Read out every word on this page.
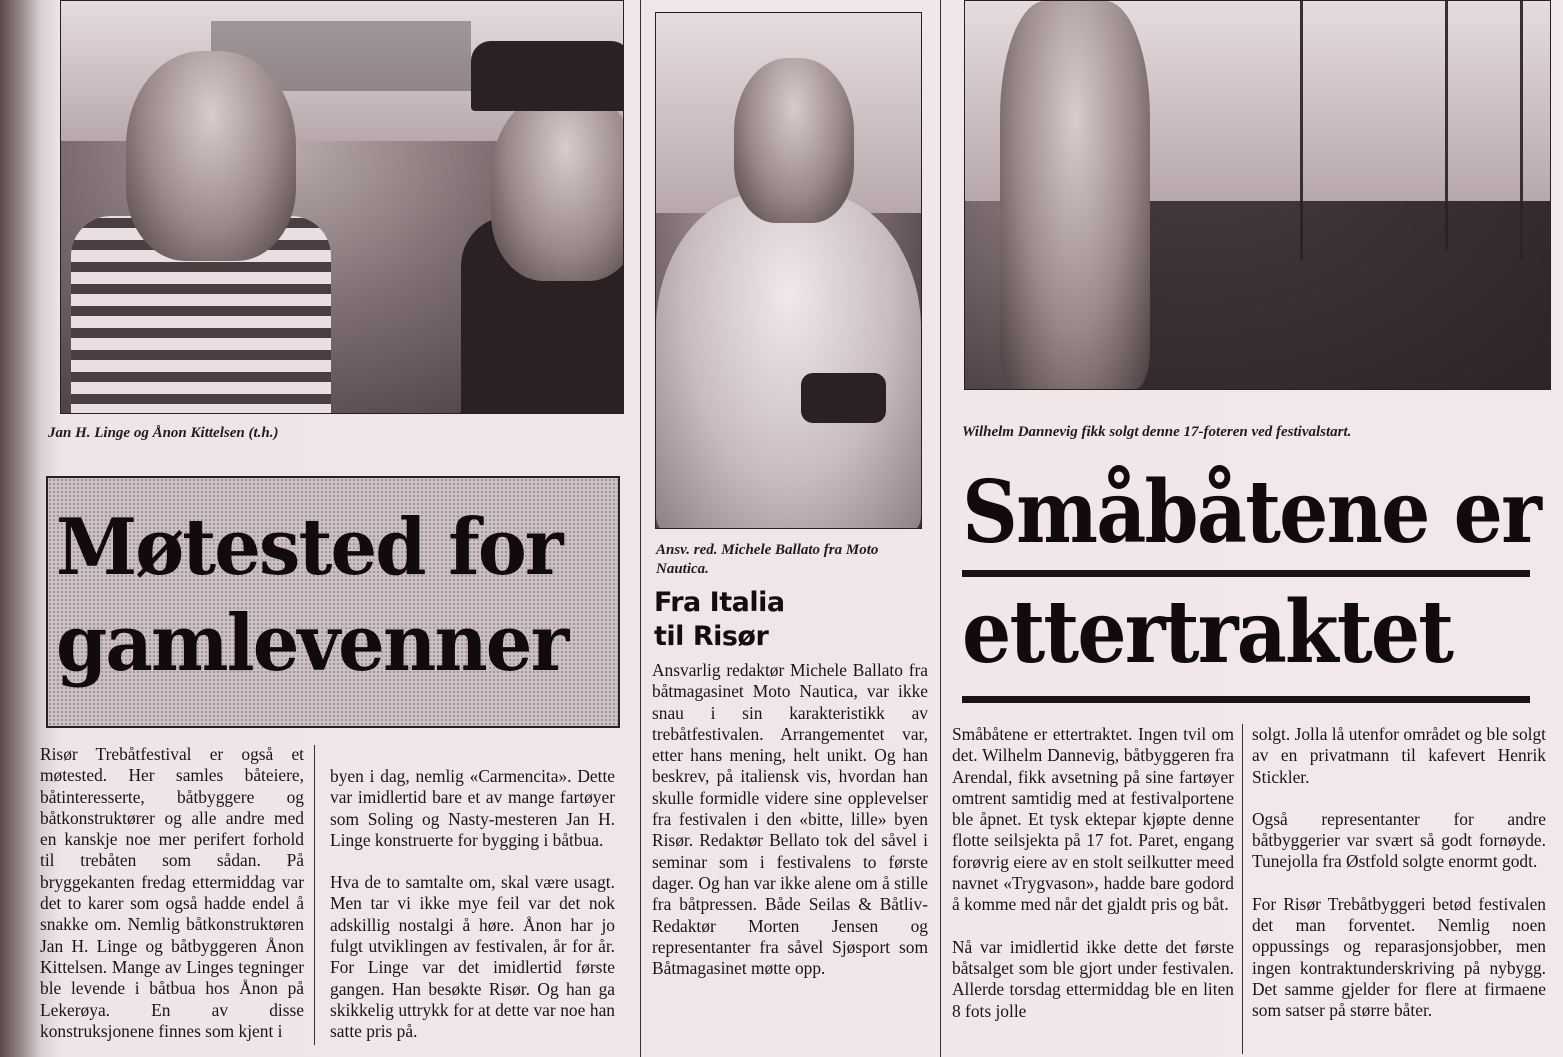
Jan H. Linge og Ånon Kittelsen (t.h.)
Ansv. red. Michele Ballato fra Moto Nautica.
Wilhelm Dannevig fikk solgt denne 17-foteren ved festivalstart.
Møtested for
gamlevenner

Risør Trebåtfestival er også et møtested. Her samles båteiere, båtinteresserte, båtbyggere og båtkonstruktører og alle andre med en kanskje noe mer perifert forhold til trebåten som sådan. På bryggekanten fredag ettermiddag var det to karer som også hadde endel å snakke om. Nemlig båtkonstruktøren Jan H. Linge og båtbyggeren Ånon Kittelsen. Mange av Linges tegninger ble levende i båtbua hos Ånon på Lekerøya. En av disse konstruksjonene finnes som kjent i

byen i dag, nemlig «Carmencita». Dette var imidlertid bare et av mange fartøyer som Soling og Nasty-mesteren Jan H. Linge konstruerte for bygging i båtbua.

Hva de to samtalte om, skal være usagt. Men tar vi ikke mye feil var det nok adskillig nostalgi å høre. Ånon har jo fulgt utviklingen av festivalen, år for år. For Linge var det imidlertid første gangen. Han besøkte Risør. Og han ga skikkelig uttrykk for at dette var noe han satte pris på.

Fra Italia
til Risør

Ansvarlig redaktør Michele Ballato fra båtmagasinet Moto Nautica, var ikke snau i sin karakteristikk av trebåtfestivalen. Arrangementet var, etter hans mening, helt unikt. Og han beskrev, på italiensk vis, hvordan han skulle formidle videre sine opplevelser fra festivalen i den «bitte, lille» byen Risør. Redaktør Bellato tok del såvel i seminar som i festivalens to første dager. Og han var ikke alene om å stille fra båtpressen. Både Seilas & Båtliv-Redaktør Morten Jensen og representanter fra såvel Sjøsport som Båtmagasinet møtte opp.

Småbåtene er
ettertraktet

Småbåtene er ettertraktet. Ingen tvil om det. Wilhelm Dannevig, båtbyggeren fra Arendal, fikk avsetning på sine fartøyer omtrent samtidig med at festivalportene ble åpnet. Et tysk ektepar kjøpte denne flotte seilsjekta på 17 fot. Paret, engang forøvrig eiere av en stolt seilkutter meed navnet «Trygvason», hadde bare godord å komme med når det gjaldt pris og båt.

Nå var imidlertid ikke dette det første båtsalget som ble gjort under festivalen. Allerde torsdag ettermiddag ble en liten 8 fots jolle

solgt. Jolla lå utenfor området og ble solgt av en privatmann til kafevert Henrik Stickler.

Også representanter for andre båtbyggerier var svært så godt fornøyde. Tunejolla fra Østfold solgte enormt godt.

For Risør Trebåtbyggeri betød festivalen det man forventet. Nemlig noen oppussings og reparasjonsjobber, men ingen kontraktunderskriving på nybygg. Det samme gjelder for flere at firmaene som satser på større båter.
